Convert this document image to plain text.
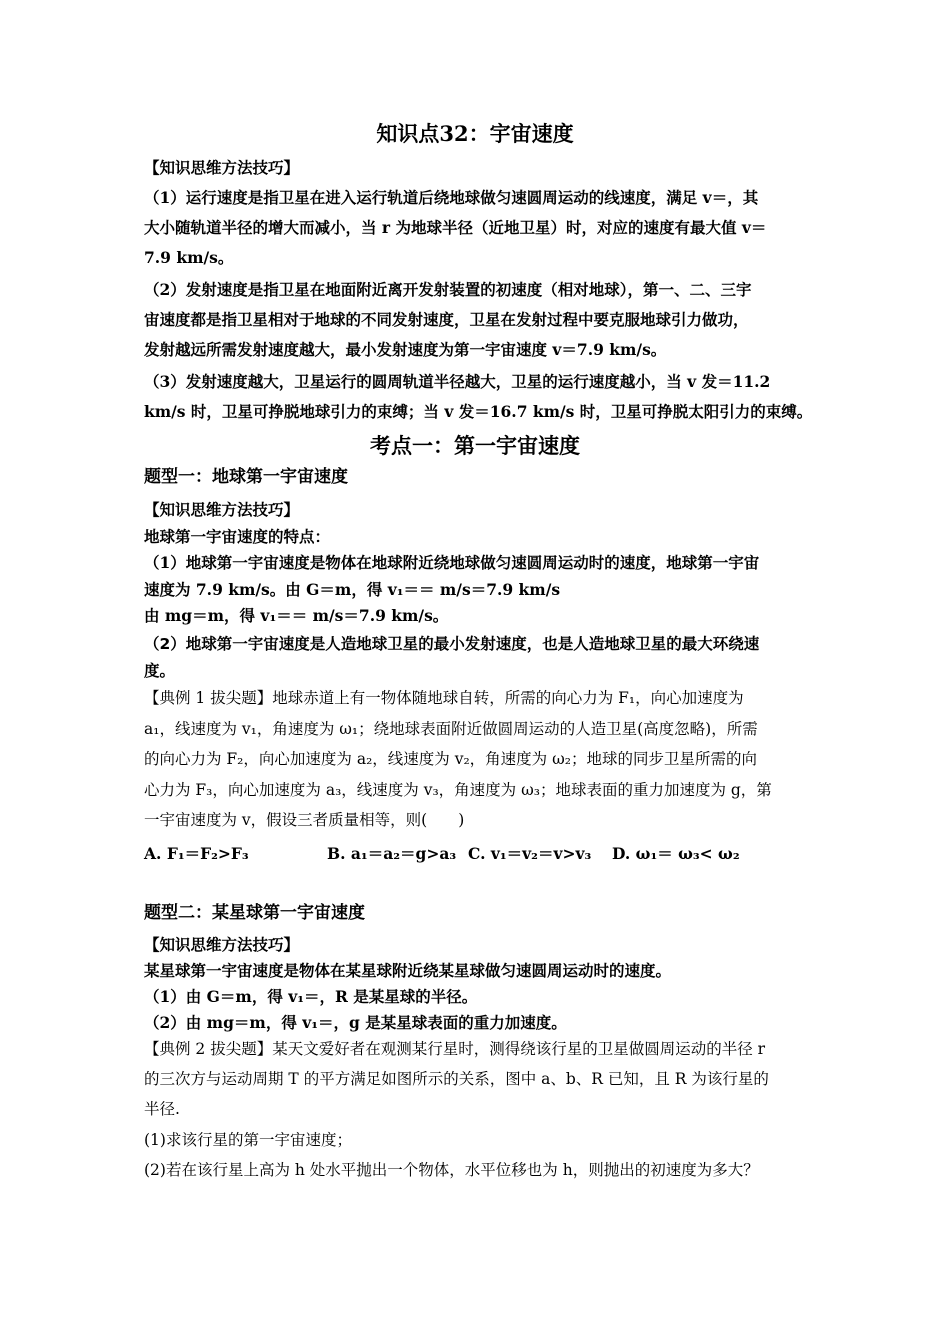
知识点32：宇宙速度
【知识思维方法技巧】
（1）运行速度是指卫星在进入运行轨道后绕地球做匀速圆周运动的线速度，满足 v＝，其
大小随轨道半径的增大而减小，当 r 为地球半径（近地卫星）时，对应的速度有最大值 v＝
7.9 km/s。
（2）发射速度是指卫星在地面附近离开发射装置的初速度（相对地球），第一、二、三宇
宙速度都是指卫星相对于地球的不同发射速度，卫星在发射过程中要克服地球引力做功，
发射越远所需发射速度越大，最小发射速度为第一宇宙速度 v＝7.9 km/s。
（3）发射速度越大，卫星运行的圆周轨道半径越大，卫星的运行速度越小，当 v 发＝11.2
km/s 时，卫星可挣脱地球引力的束缚；当 v 发＝16.7 km/s 时，卫星可挣脱太阳引力的束缚。
考点一：第一宇宙速度
题型一：地球第一宇宙速度
【知识思维方法技巧】
地球第一宇宙速度的特点：
（1）地球第一宇宙速度是物体在地球附近绕地球做匀速圆周运动时的速度，地球第一宇宙
速度为 7.9 km/s。由 G＝m，得 v₁＝＝ m/s＝7.9 km/s
由 mg＝m，得 v₁＝＝ m/s＝7.9 km/s。
（2）地球第一宇宙速度是人造地球卫星的最小发射速度，也是人造地球卫星的最大环绕速
度。
【典例 1 拔尖题】地球赤道上有一物体随地球自转，所需的向心力为 F₁，向心加速度为
a₁，线速度为 v₁，角速度为 ω₁；绕地球表面附近做圆周运动的人造卫星(高度忽略)，所需
的向心力为 F₂，向心加速度为 a₂，线速度为 v₂，角速度为 ω₂；地球的同步卫星所需的向
心力为 F₃，向心加速度为 a₃，线速度为 v₃，角速度为 ω₃；地球表面的重力加速度为 g，第
一宇宙速度为 v，假设三者质量相等，则(　　)
A. F₁＝F₂>F₃	B. a₁＝a₂＝g>a₃ C. v₁＝v₂＝v>v₃ D. ω₁＝ ω₃< ω₂
题型二：某星球第一宇宙速度
【知识思维方法技巧】
某星球第一宇宙速度是物体在某星球附近绕某星球做匀速圆周运动时的速度。
（1）由 G＝m，得 v₁＝，R 是某星球的半径。
（2）由 mg＝m，得 v₁＝，g 是某星球表面的重力加速度。
【典例 2 拔尖题】某天文爱好者在观测某行星时，测得绕该行星的卫星做圆周运动的半径 r
的三次方与运动周期 T 的平方满足如图所示的关系，图中 a、b、R 已知，且 R 为该行星的
半径.
(1)求该行星的第一宇宙速度；
(2)若在该行星上高为 h 处水平抛出一个物体，水平位移也为 h，则抛出的初速度为多大？
